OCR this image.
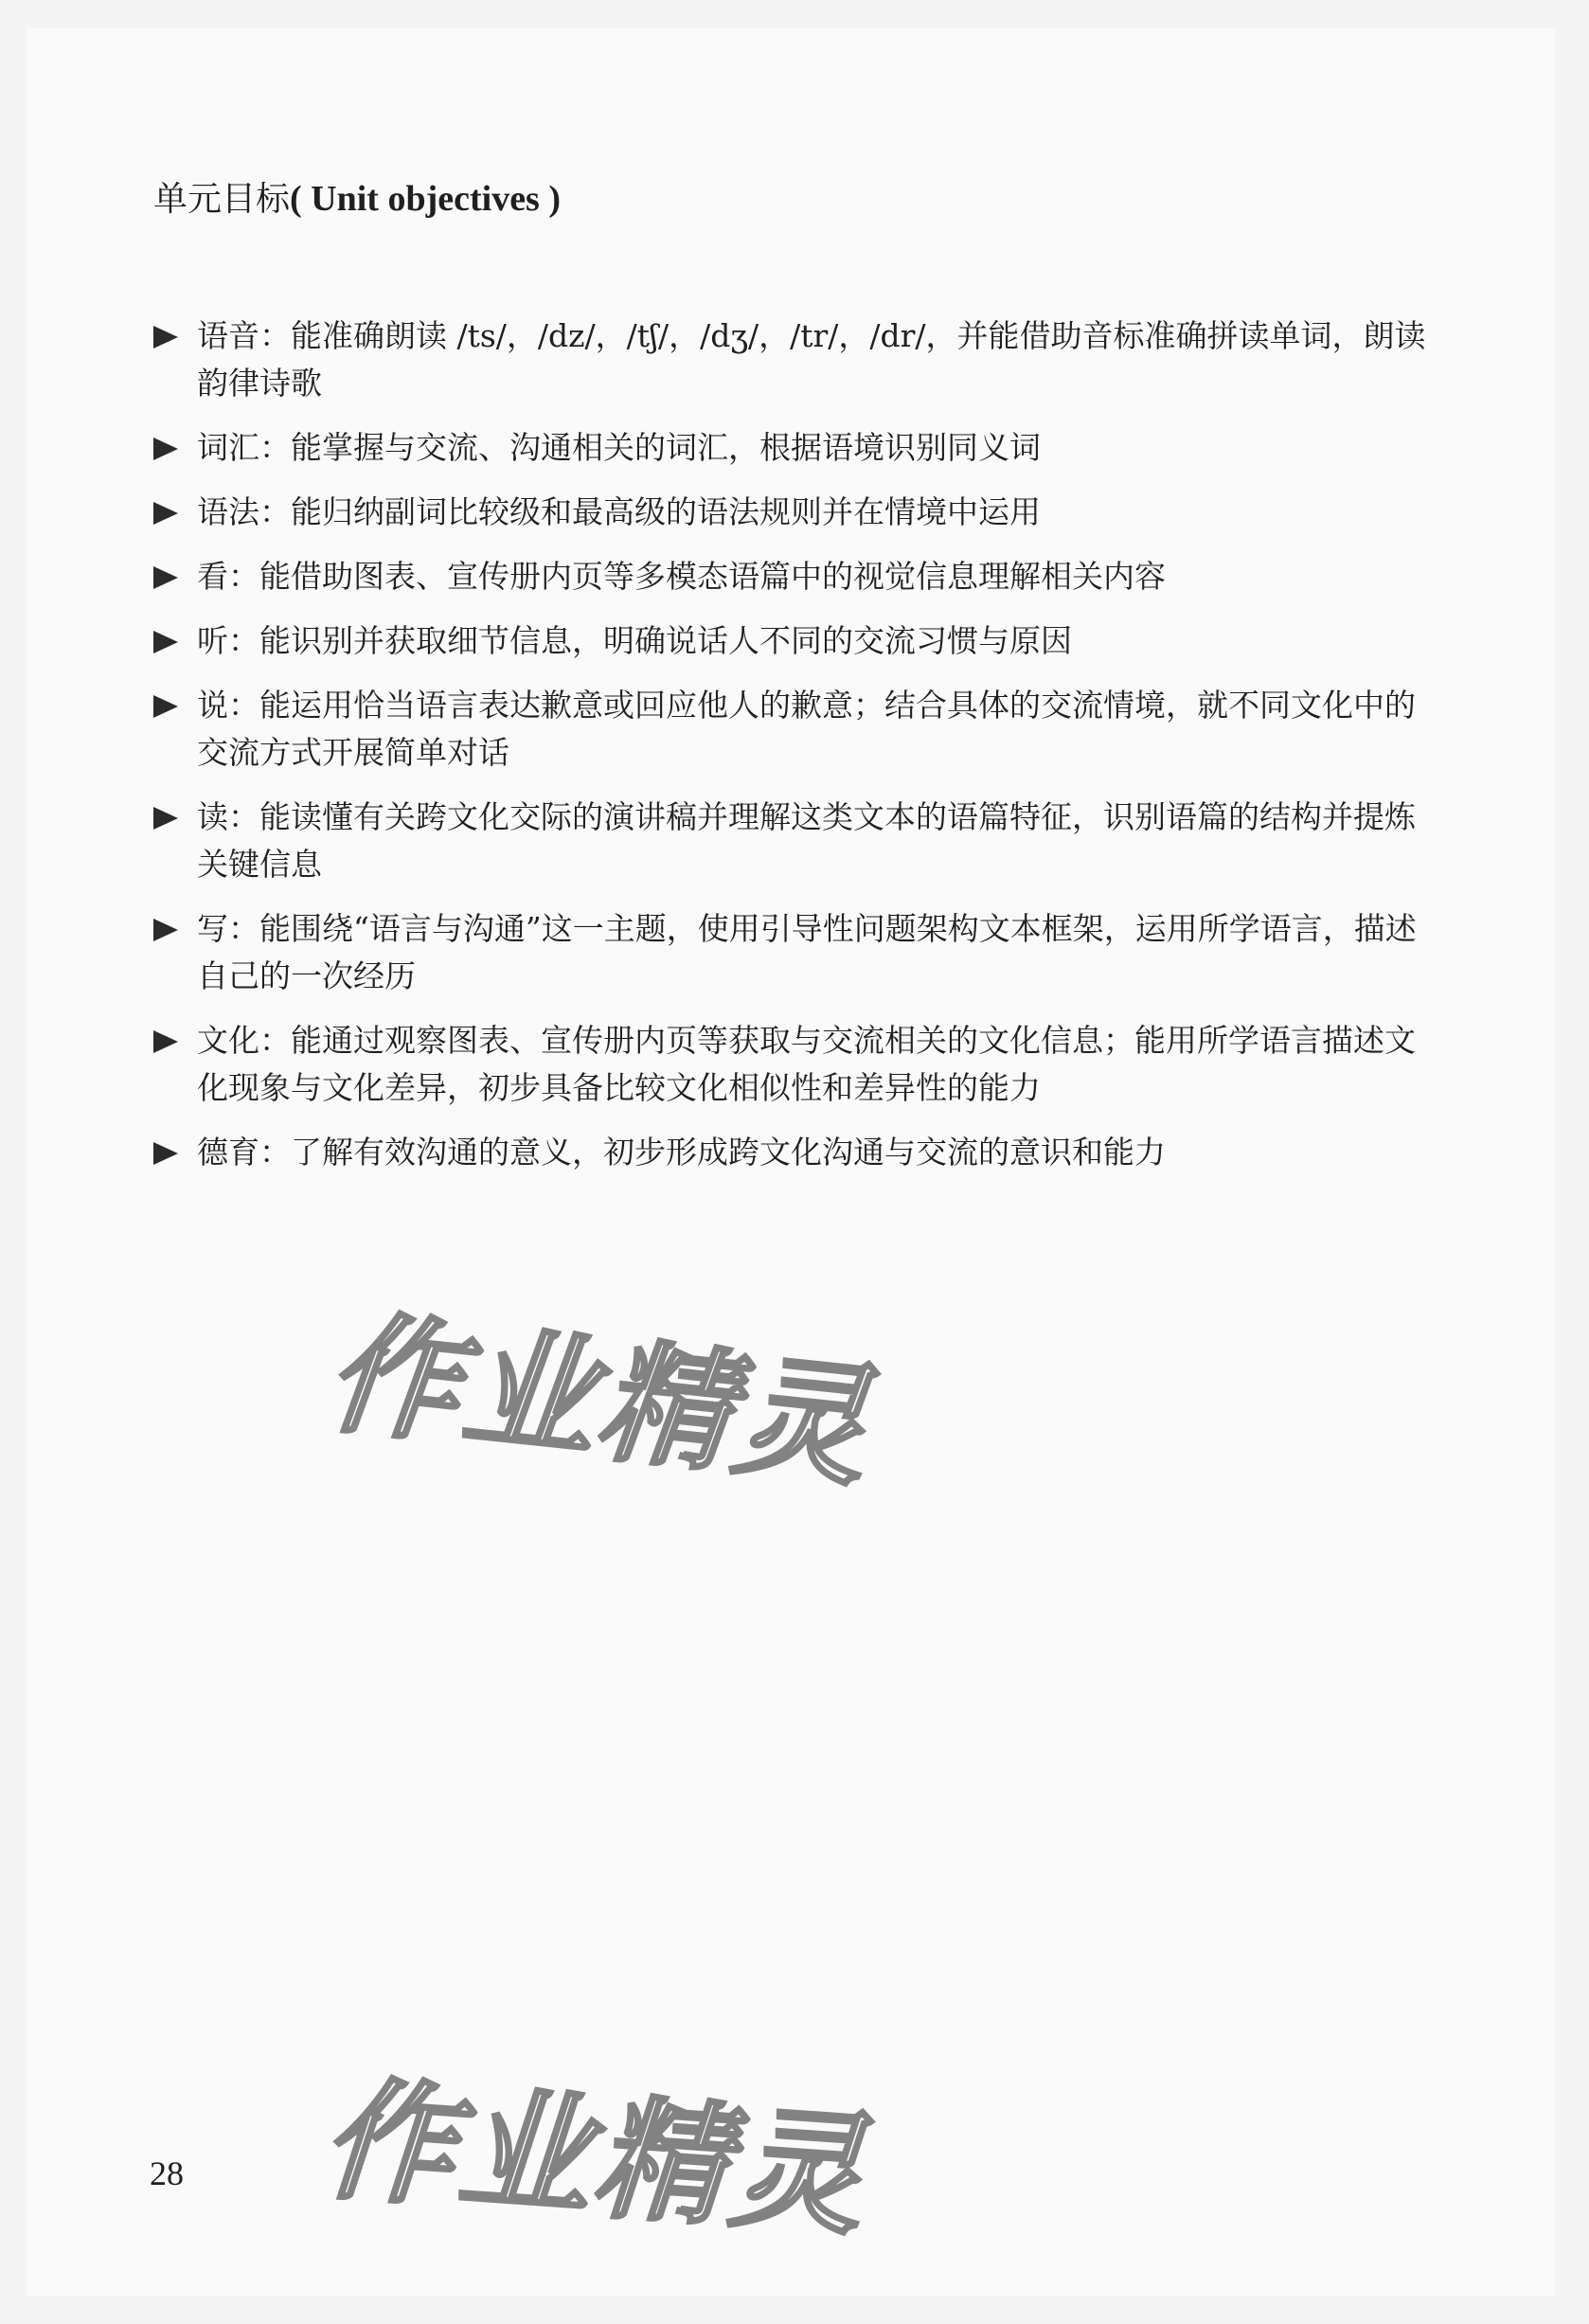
单元目标( Unit objectives )
语音：能准确朗读 /ts/，/dz/，/tʃ/，/dʒ/，/tr/，/dr/，并能借助音标准确拼读单词，朗读韵律诗歌
词汇：能掌握与交流、沟通相关的词汇，根据语境识别同义词
语法：能归纳副词比较级和最高级的语法规则并在情境中运用
看：能借助图表、宣传册内页等多模态语篇中的视觉信息理解相关内容
听：能识别并获取细节信息，明确说话人不同的交流习惯与原因
说：能运用恰当语言表达歉意或回应他人的歉意；结合具体的交流情境，就不同文化中的交流方式开展简单对话
读：能读懂有关跨文化交际的演讲稿并理解这类文本的语篇特征，识别语篇的结构并提炼关键信息
写：能围绕“语言与沟通”这一主题，使用引导性问题架构文本框架，运用所学语言，描述自己的一次经历
文化：能通过观察图表、宣传册内页等获取与交流相关的文化信息；能用所学语言描述文化现象与文化差异，初步具备比较文化相似性和差异性的能力
德育：了解有效沟通的意义，初步形成跨文化沟通与交流的意识和能力
作业精灵
作业精灵
28
